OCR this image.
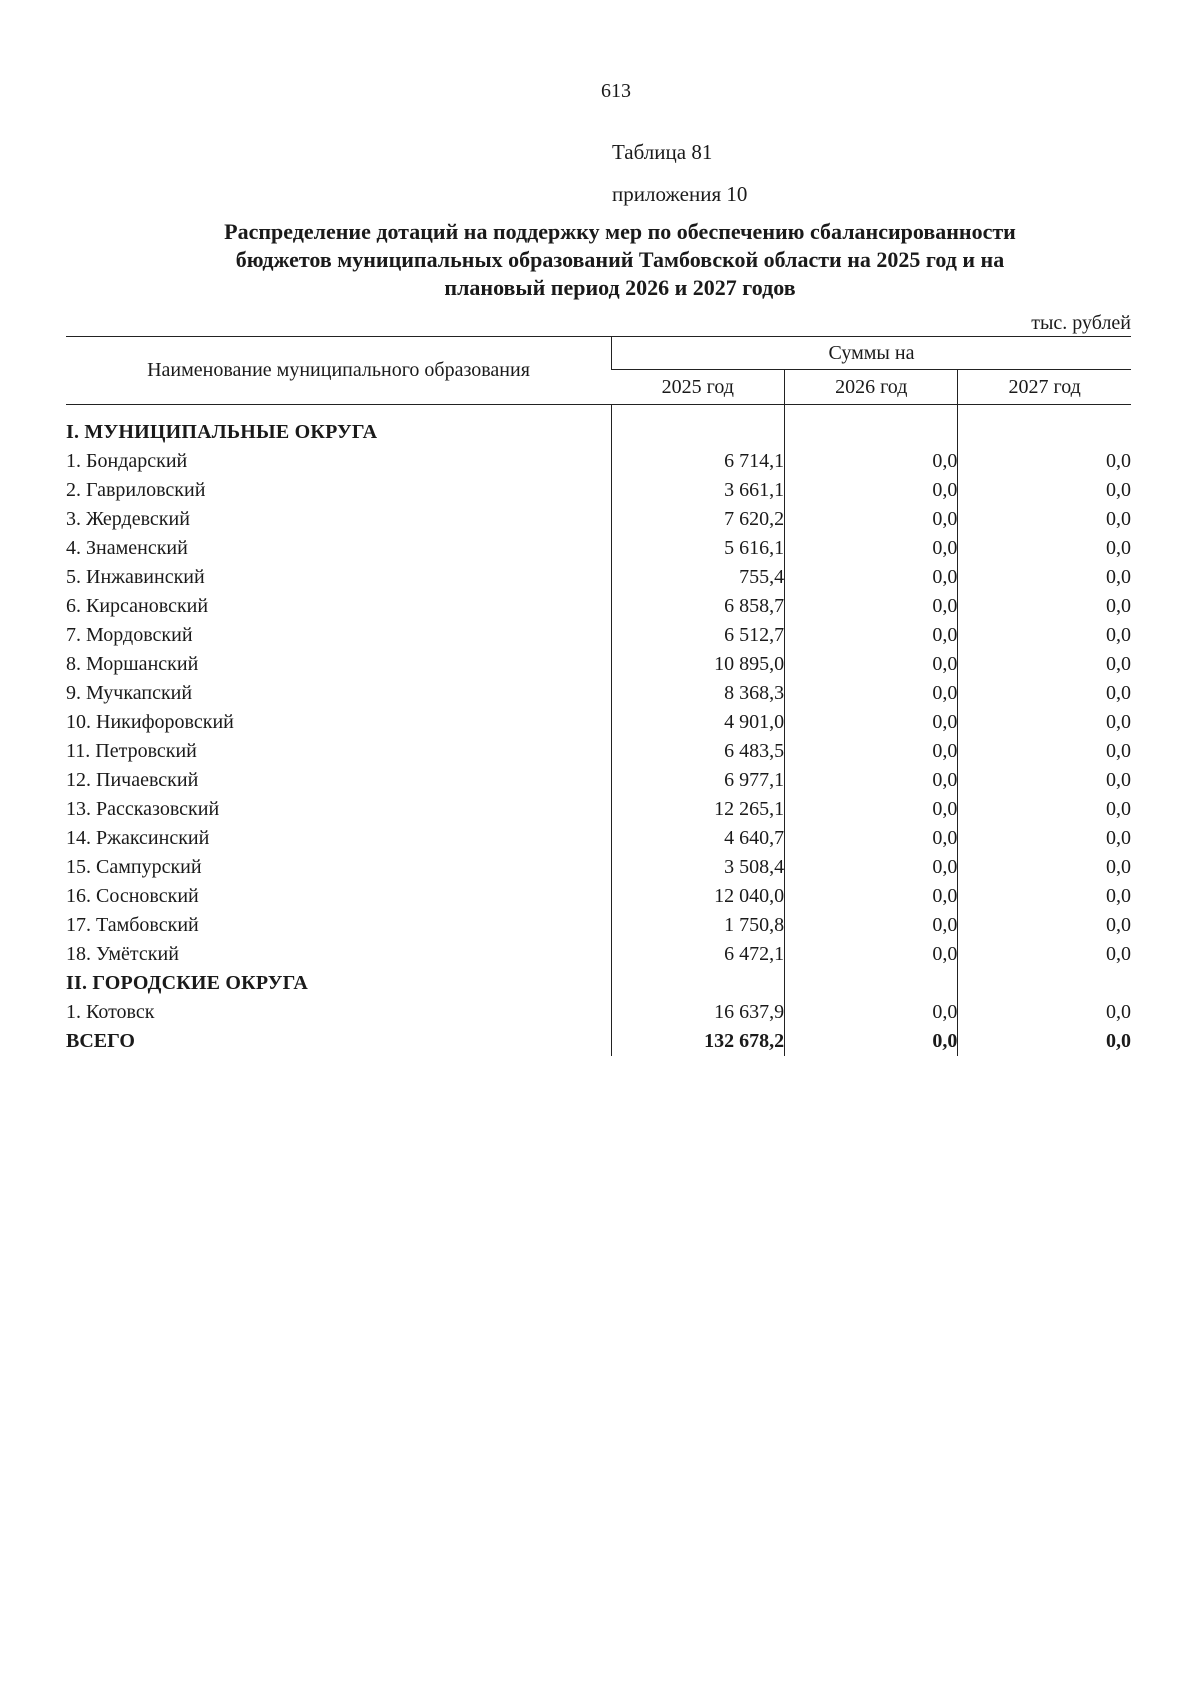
613
Таблица 81
приложения 10
Распределение дотаций на поддержку мер по обеспечению сбалансированности
бюджетов муниципальных образований Тамбовской области на 2025 год и на
плановый период 2026 и 2027 годов
тыс. рублей
Наименование муниципального образования	Суммы на		
	2025 год	2026 год	2027 год

I. МУНИЦИПАЛЬНЫЕ ОКРУГА			
1. Бондарский	6 714,1	0,0	0,0
2. Гавриловский	3 661,1	0,0	0,0
3. Жердевский	7 620,2	0,0	0,0
4. Знаменский	5 616,1	0,0	0,0
5. Инжавинский	755,4	0,0	0,0
6. Кирсановский	6 858,7	0,0	0,0
7. Мордовский	6 512,7	0,0	0,0
8. Моршанский	10 895,0	0,0	0,0
9. Мучкапский	8 368,3	0,0	0,0
10. Никифоровский	4 901,0	0,0	0,0
11. Петровский	6 483,5	0,0	0,0
12. Пичаевский	6 977,1	0,0	0,0
13. Рассказовский	12 265,1	0,0	0,0
14. Ржаксинский	4 640,7	0,0	0,0
15. Сампурский	3 508,4	0,0	0,0
16. Сосновский	12 040,0	0,0	0,0
17. Тамбовский	1 750,8	0,0	0,0
18. Умётский	6 472,1	0,0	0,0
II. ГОРОДСКИЕ ОКРУГА			
1. Котовск	16 637,9	0,0	0,0
ВСЕГО	132 678,2	0,0	0,0
